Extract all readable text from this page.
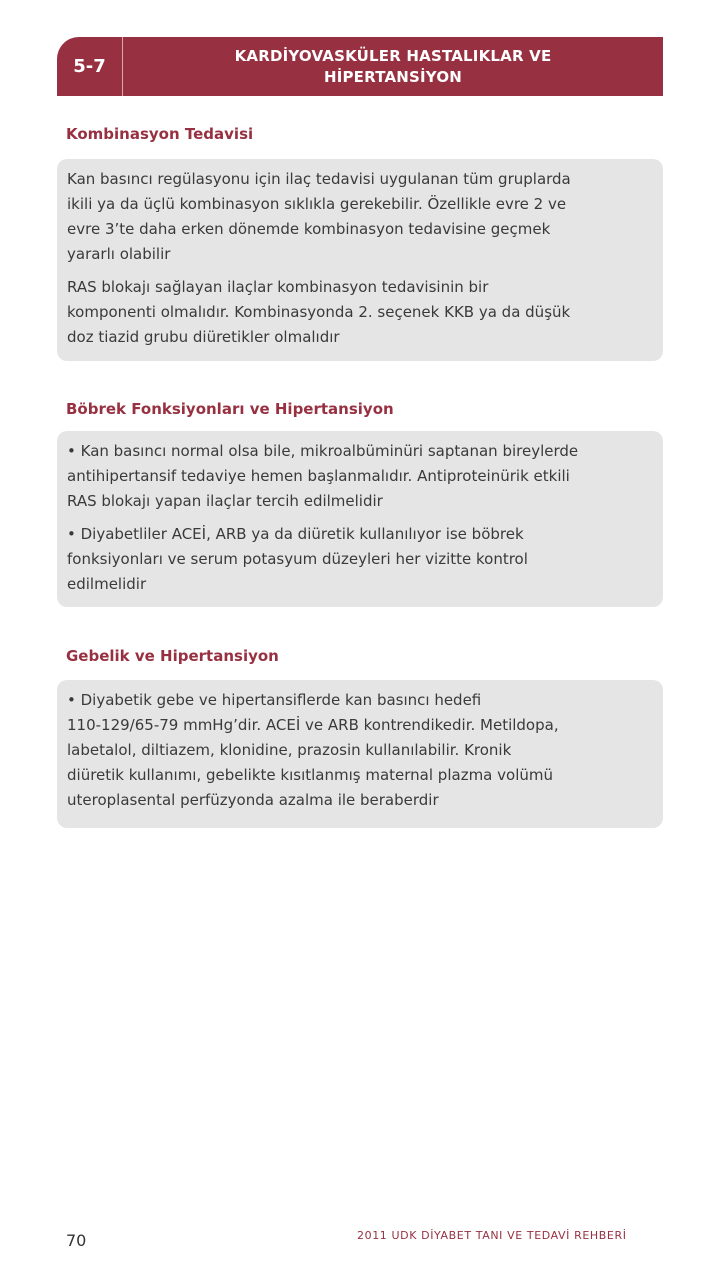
5-7
KARDİYOVASKÜLER HASTALIKLAR VE
HİPERTANSİYON
Kombinasyon Tedavisi

Kan basıncı regülasyonu için ilaç tedavisi uygulanan tüm gruplarda
ikili ya da üçlü kombinasyon sıklıkla gerekebilir. Özellikle evre 2 ve
evre 3’te daha erken dönemde kombinasyon tedavisine geçmek
yararlı olabilir

RAS blokajı sağlayan ilaçlar kombinasyon tedavisinin bir
komponenti olmalıdır. Kombinasyonda 2. seçenek KKB ya da düşük
doz tiazid grubu diüretikler olmalıdır

Böbrek Fonksiyonları ve Hipertansiyon

• Kan basıncı normal olsa bile, mikroalbüminüri saptanan bireylerde
antihipertansif tedaviye hemen başlanmalıdır. Antiproteinürik etkili
RAS blokajı yapan ilaçlar tercih edilmelidir

• Diyabetliler ACEİ, ARB ya da diüretik kullanılıyor ise böbrek
fonksiyonları ve serum potasyum düzeyleri her vizitte kontrol
edilmelidir

Gebelik ve Hipertansiyon

• Diyabetik gebe ve hipertansiflerde kan basıncı hedefi
110-129/65-79 mmHg’dir. ACEİ ve ARB kontrendikedir. Metildopa,
labetalol, diltiazem, klonidine, prazosin kullanılabilir. Kronik
diüretik kullanımı, gebelikte kısıtlanmış maternal plazma volümü
uteroplasental perfüzyonda azalma ile beraberdir

70	2011 UDK DİYABET TANI VE TEDAVİ REHBERİ
